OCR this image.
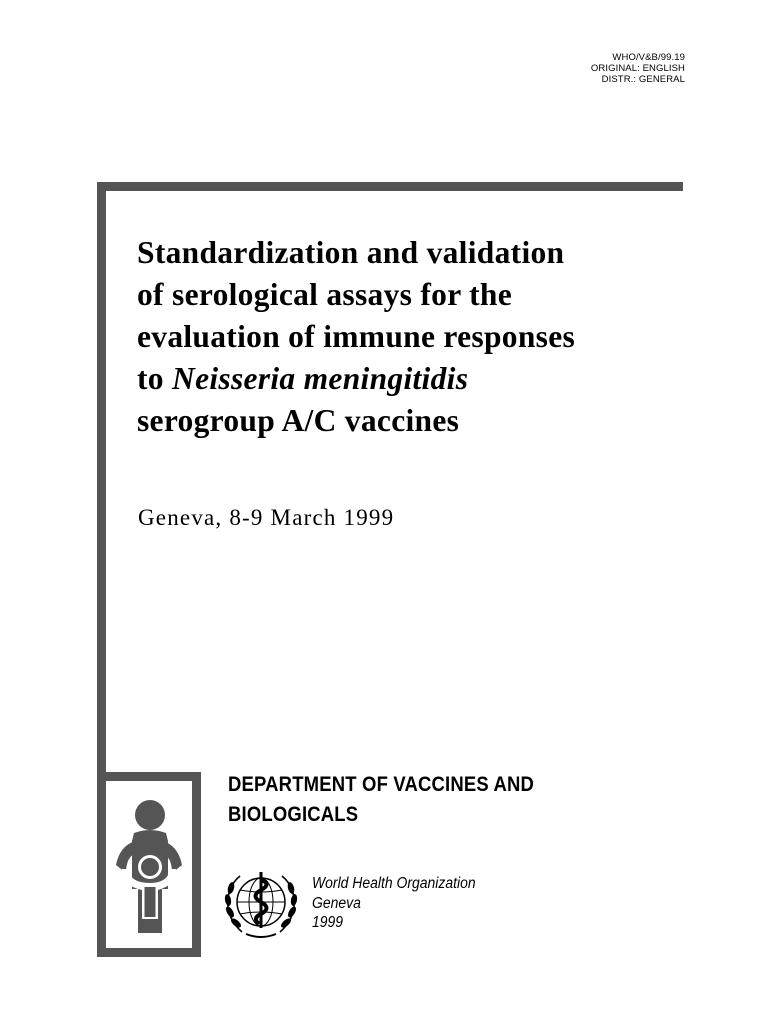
WHO/V&B/99.19
ORIGINAL: ENGLISH
DISTR.: GENERAL
Standardization and validation
of serological assays for the
evaluation of immune responses
to Neisseria meningitidis
serogroup A/C vaccines
Geneva, 8-9 March 1999
DEPARTMENT OF VACCINES AND
BIOLOGICALS
World Health Organization
Geneva
1999
